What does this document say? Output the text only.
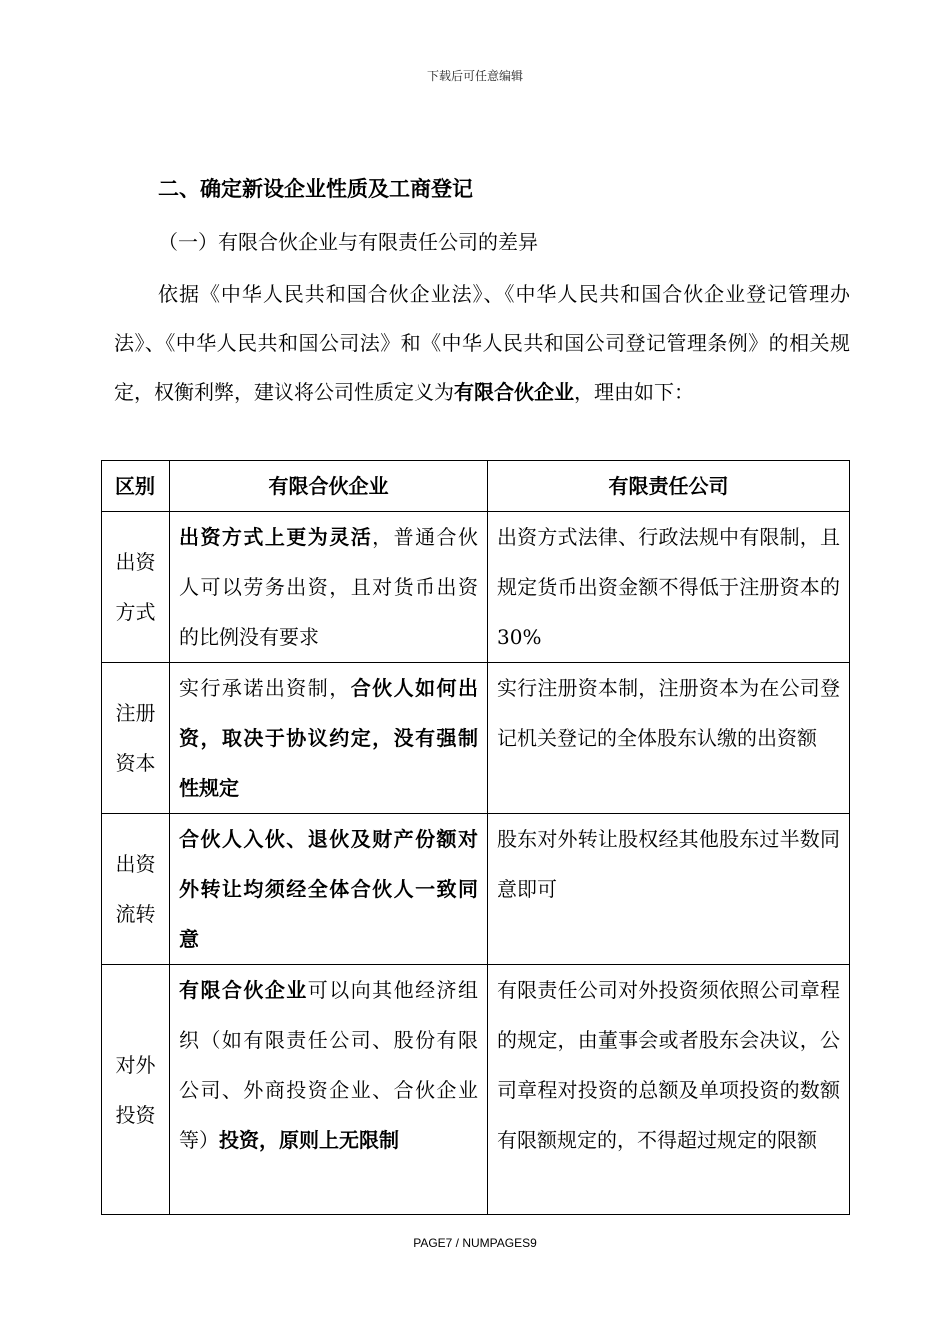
下载后可任意编辑
二、确定新设企业性质及工商登记
（一）有限合伙企业与有限责任公司的差异
依据《中华人民共和国合伙企业法》、《中华人民共和国合伙企业登记管理办法》、《中华人民共和国公司法》和《中华人民共和国公司登记管理条例》的相关规定，权衡利弊，建议将公司性质定义为有限合伙企业，理由如下：
区别	有限合伙企业	有限责任公司
出资方式	出资方式上更为灵活，普通合伙人可以劳务出资，且对货币出资的比例没有要求	出资方式法律、行政法规中有限制，且规定货币出资金额不得低于注册资本的30%
注册资本	实行承诺出资制，合伙人如何出资，取决于协议约定，没有强制性规定	实行注册资本制，注册资本为在公司登记机关登记的全体股东认缴的出资额
出资流转	合伙人入伙、退伙及财产份额对外转让均须经全体合伙人一致同意	股东对外转让股权经其他股东过半数同意即可
对外投资	有限合伙企业可以向其他经济组织（如有限责任公司、股份有限公司、外商投资企业、合伙企业等）投资，原则上无限制	有限责任公司对外投资须依照公司章程的规定，由董事会或者股东会决议，公司章程对投资的总额及单项投资的数额有限额规定的，不得超过规定的限额
PAGE7 / NUMPAGES9
